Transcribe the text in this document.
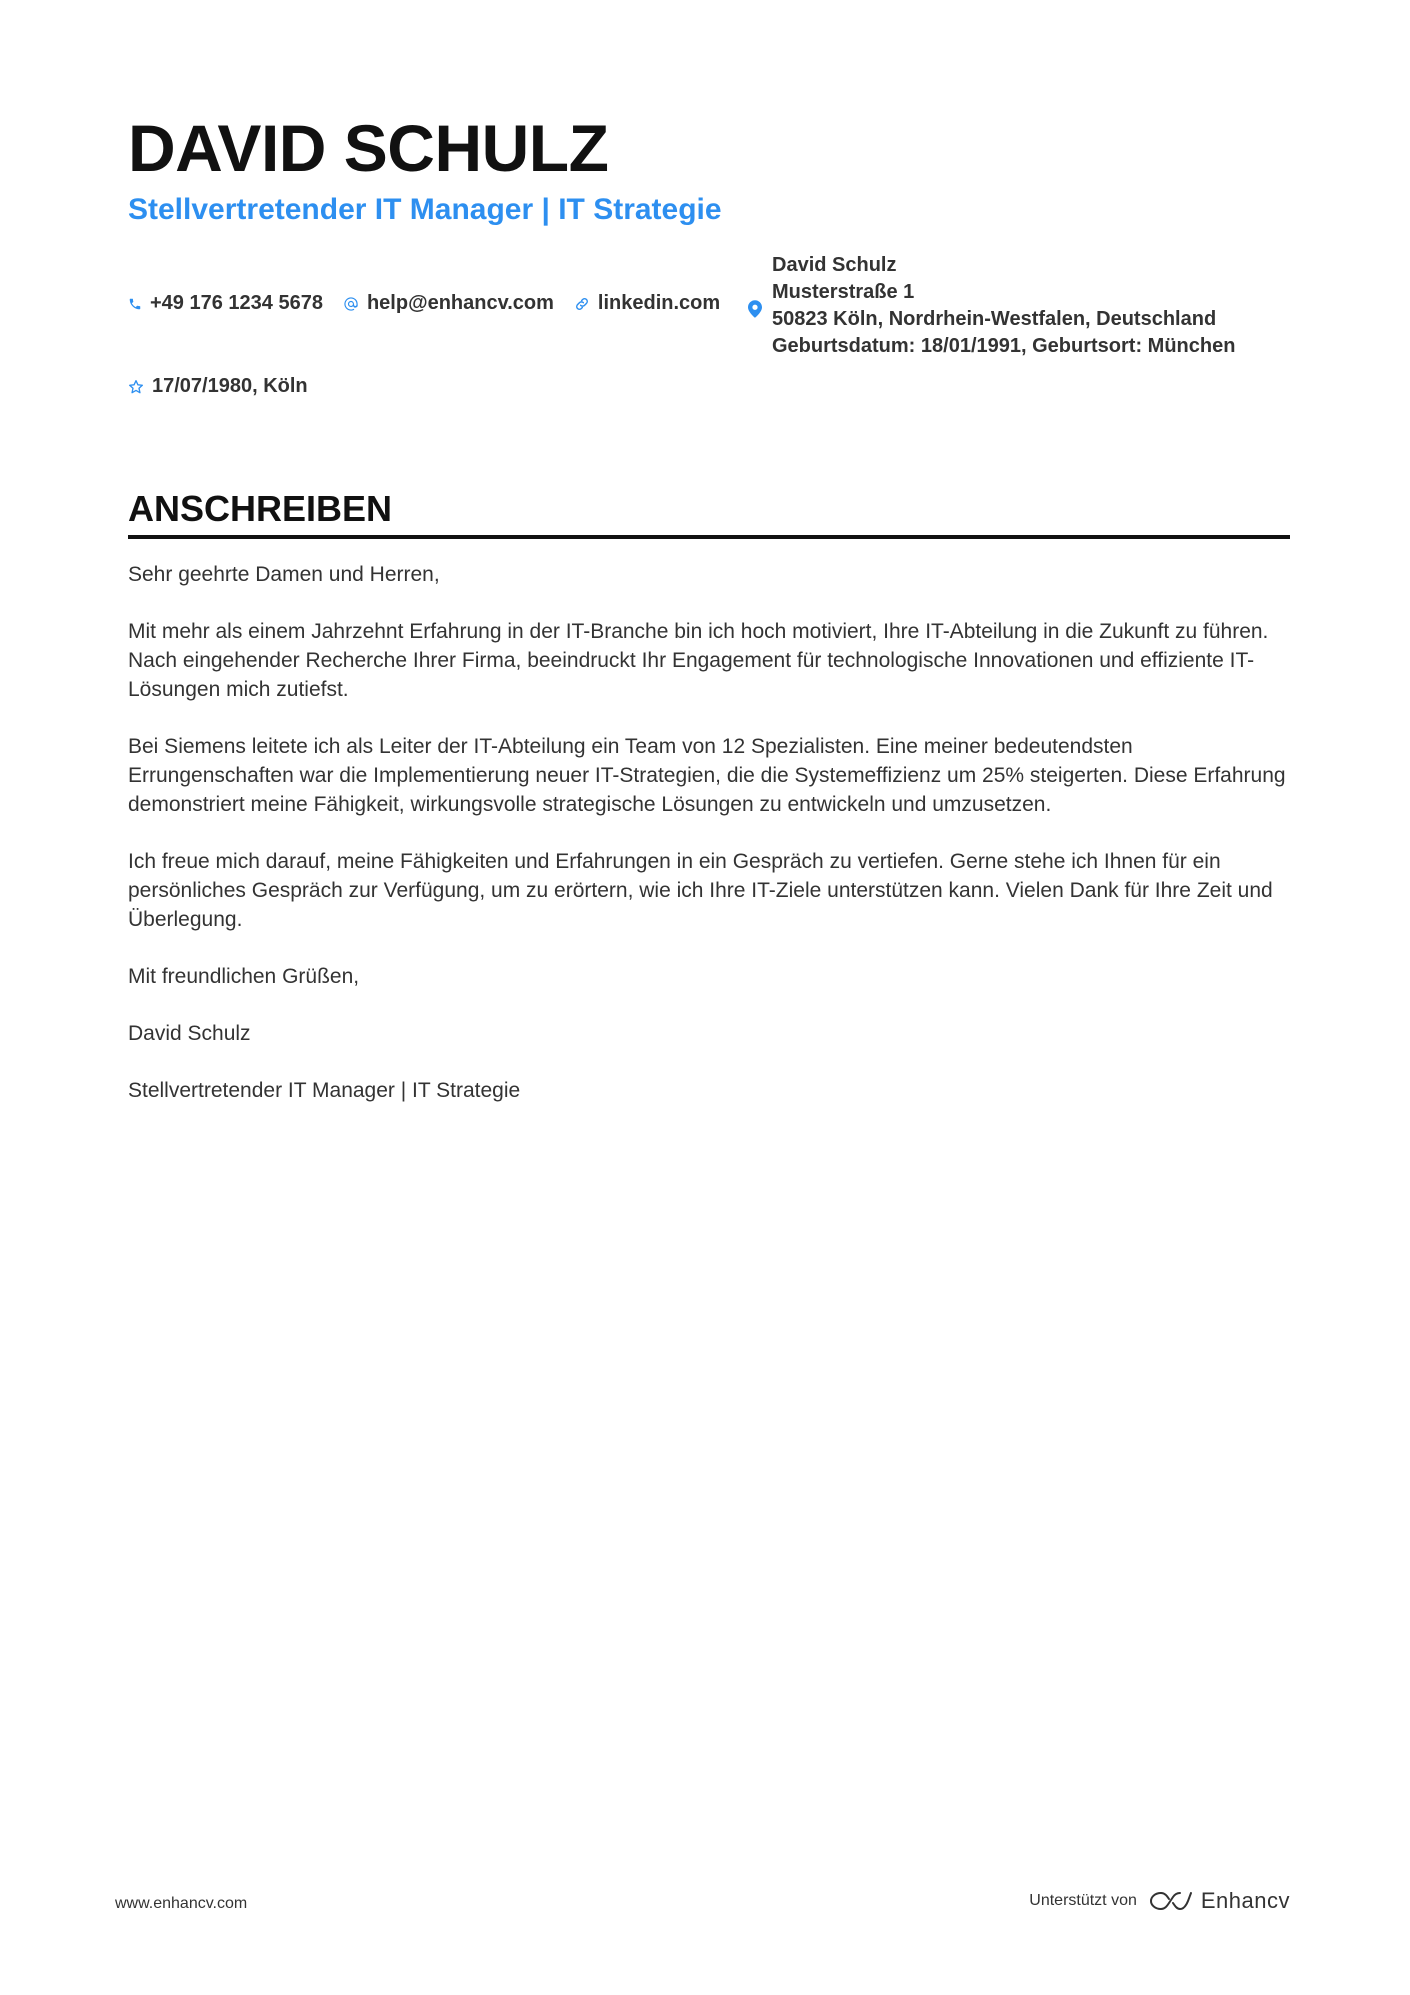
DAVID SCHULZ
Stellvertretender IT Manager | IT Strategie
+49 176 1234 5678 help@enhancv.com linkedin.com
David Schulz
Musterstraße 1
50823 Köln, Nordrhein-Westfalen, Deutschland
Geburtsdatum: 18/01/1991, Geburtsort: München
17/07/1980, Köln
ANSCHREIBEN

Sehr geehrte Damen und Herren,

Mit mehr als einem Jahrzehnt Erfahrung in der IT-Branche bin ich hoch motiviert, Ihre IT-Abteilung in die Zukunft zu führen. Nach eingehender Recherche Ihrer Firma, beeindruckt Ihr Engagement für technologische Innovationen und effiziente IT-Lösungen mich zutiefst.

Bei Siemens leitete ich als Leiter der IT-Abteilung ein Team von 12 Spezialisten. Eine meiner bedeutendsten Errungenschaften war die Implementierung neuer IT-Strategien, die die Systemeffizienz um 25% steigerten. Diese Erfahrung demonstriert meine Fähigkeit, wirkungsvolle strategische Lösungen zu entwickeln und umzusetzen.

Ich freue mich darauf, meine Fähigkeiten und Erfahrungen in ein Gespräch zu vertiefen. Gerne stehe ich Ihnen für ein persönliches Gespräch zur Verfügung, um zu erörtern, wie ich Ihre IT-Ziele unterstützen kann. Vielen Dank für Ihre Zeit und Überlegung.

Mit freundlichen Grüßen,

David Schulz

Stellvertretender IT Manager | IT Strategie

www.enhancv.com	Unterstützt von	Enhancv
